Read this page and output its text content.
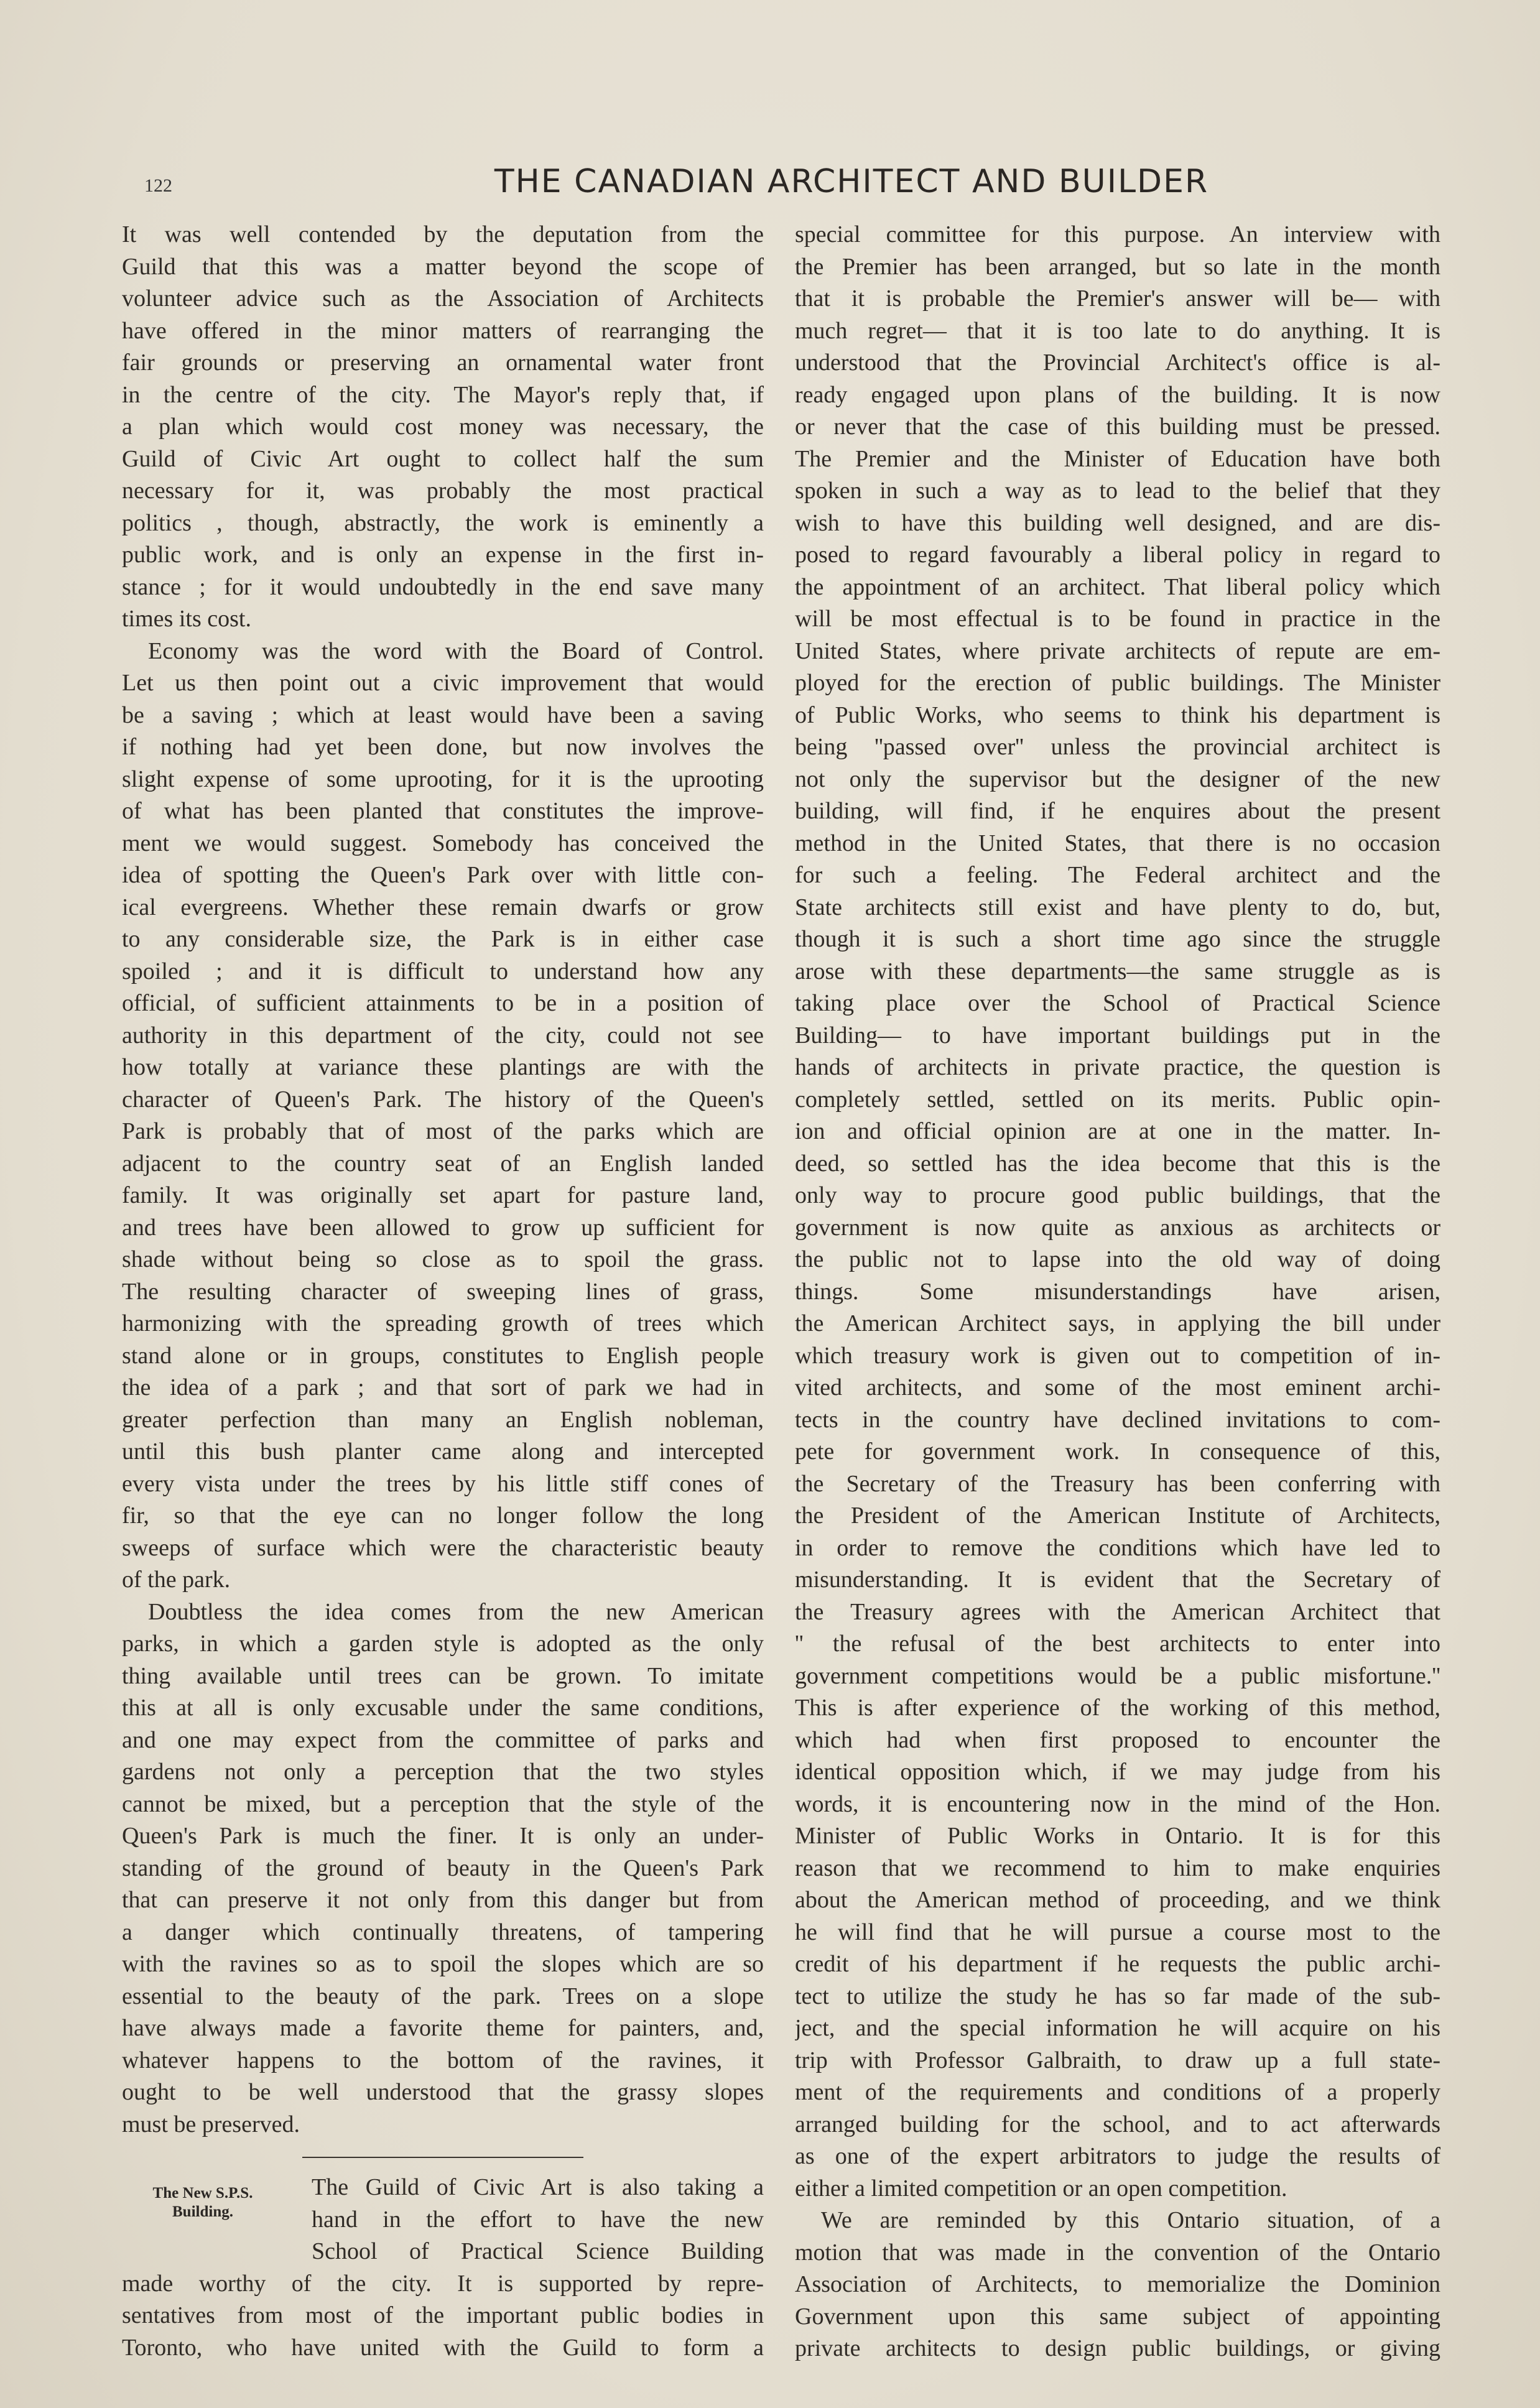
122	THE CANADIAN ARCHITECT AND BUILDER

It was well contended by the deputation from the

Guild that this was a matter beyond the scope of

volunteer advice such as the Association of Architects

have offered in the minor matters of rearranging the

fair grounds or preserving an ornamental water front

in the centre of the city. The Mayor's reply that, if

a plan which would cost money was necessary, the

Guild of Civic Art ought to collect half the sum

necessary for it, was probably the most practical

politics , though, abstractly, the work is eminently a

public work, and is only an expense in the first in-

stance ; for it would undoubtedly in the end save many

times its cost.

Economy was the word with the Board of Control.

Let us then point out a civic improvement that would

be a saving ; which at least would have been a saving

if nothing had yet been done, but now involves the

slight expense of some uprooting, for it is the uprooting

of what has been planted that constitutes the improve-

ment we would suggest. Somebody has conceived the

idea of spotting the Queen's Park over with little con-

ical evergreens. Whether these remain dwarfs or grow

to any considerable size, the Park is in either case

spoiled ; and it is difficult to understand how any

official, of sufficient attainments to be in a position of

authority in this department of the city, could not see

how totally at variance these plantings are with the

character of Queen's Park. The history of the Queen's

Park is probably that of most of the parks which are

adjacent to the country seat of an English landed

family. It was originally set apart for pasture land,

and trees have been allowed to grow up sufficient for

shade without being so close as to spoil the grass.

The resulting character of sweeping lines of grass,

harmonizing with the spreading growth of trees which

stand alone or in groups, constitutes to English people

the idea of a park ; and that sort of park we had in

greater perfection than many an English nobleman,

until this bush planter came along and intercepted

every vista under the trees by his little stiff cones of

fir, so that the eye can no longer follow the long

sweeps of surface which were the characteristic beauty

of the park.

Doubtless the idea comes from the new American

parks, in which a garden style is adopted as the only

thing available until trees can be grown. To imitate

this at all is only excusable under the same conditions,

and one may expect from the committee of parks and

gardens not only a perception that the two styles

cannot be mixed, but a perception that the style of the

Queen's Park is much the finer. It is only an under-

standing of the ground of beauty in the Queen's Park

that can preserve it not only from this danger but from

a danger which continually threatens, of tampering

with the ravines so as to spoil the slopes which are so

essential to the beauty of the park. Trees on a slope

have always made a favorite theme for painters, and,

whatever happens to the bottom of the ravines, it

ought to be well understood that the grassy slopes

must be preserved.

The New S.P.S.
Building.

The Guild of Civic Art is also taking a

hand in the effort to have the new

School of Practical Science Building

made worthy of the city. It is supported by repre-

sentatives from most of the important public bodies in

Toronto, who have united with the Guild to form a

special committee for this purpose. An interview with

the Premier has been arranged, but so late in the month

that it is probable the Premier's answer will be— with

much regret— that it is too late to do anything. It is

understood that the Provincial Architect's office is al-

ready engaged upon plans of the building. It is now

or never that the case of this building must be pressed.

The Premier and the Minister of Education have both

spoken in such a way as to lead to the belief that they

wish to have this building well designed, and are dis-

posed to regard favourably a liberal policy in regard to

the appointment of an architect. That liberal policy which

will be most effectual is to be found in practice in the

United States, where private architects of repute are em-

ployed for the erection of public buildings. The Minister

of Public Works, who seems to think his department is

being ''passed over'' unless the provincial architect is

not only the supervisor but the designer of the new

building, will find, if he enquires about the present

method in the United States, that there is no occasion

for such a feeling. The Federal architect and the

State architects still exist and have plenty to do, but,

though it is such a short time ago since the struggle

arose with these departments—the same struggle as is

taking place over the School of Practical Science

Building— to have important buildings put in the

hands of architects in private practice, the question is

completely settled, settled on its merits. Public opin-

ion and official opinion are at one in the matter. In-

deed, so settled has the idea become that this is the

only way to procure good public buildings, that the

government is now quite as anxious as architects or

the public not to lapse into the old way of doing

things. Some misunderstandings have arisen,

the American Architect says, in applying the bill under

which treasury work is given out to competition of in-

vited architects, and some of the most eminent archi-

tects in the country have declined invitations to com-

pete for government work. In consequence of this,

the Secretary of the Treasury has been conferring with

the President of the American Institute of Architects,

in order to remove the conditions which have led to

misunderstanding. It is evident that the Secretary of

the Treasury agrees with the American Architect that

'' the refusal of the best architects to enter into

government competitions would be a public misfortune.''

This is after experience of the working of this method,

which had when first proposed to encounter the

identical opposition which, if we may judge from his

words, it is encountering now in the mind of the Hon.

Minister of Public Works in Ontario. It is for this

reason that we recommend to him to make enquiries

about the American method of proceeding, and we think

he will find that he will pursue a course most to the

credit of his department if he requests the public archi-

tect to utilize the study he has so far made of the sub-

ject, and the special information he will acquire on his

trip with Professor Galbraith, to draw up a full state-

ment of the requirements and conditions of a properly

arranged building for the school, and to act afterwards

as one of the expert arbitrators to judge the results of

either a limited competition or an open competition.

We are reminded by this Ontario situation, of a

motion that was made in the convention of the Ontario

Association of Architects, to memorialize the Dominion

Government upon this same subject of appointing

private architects to design public buildings, or giving
